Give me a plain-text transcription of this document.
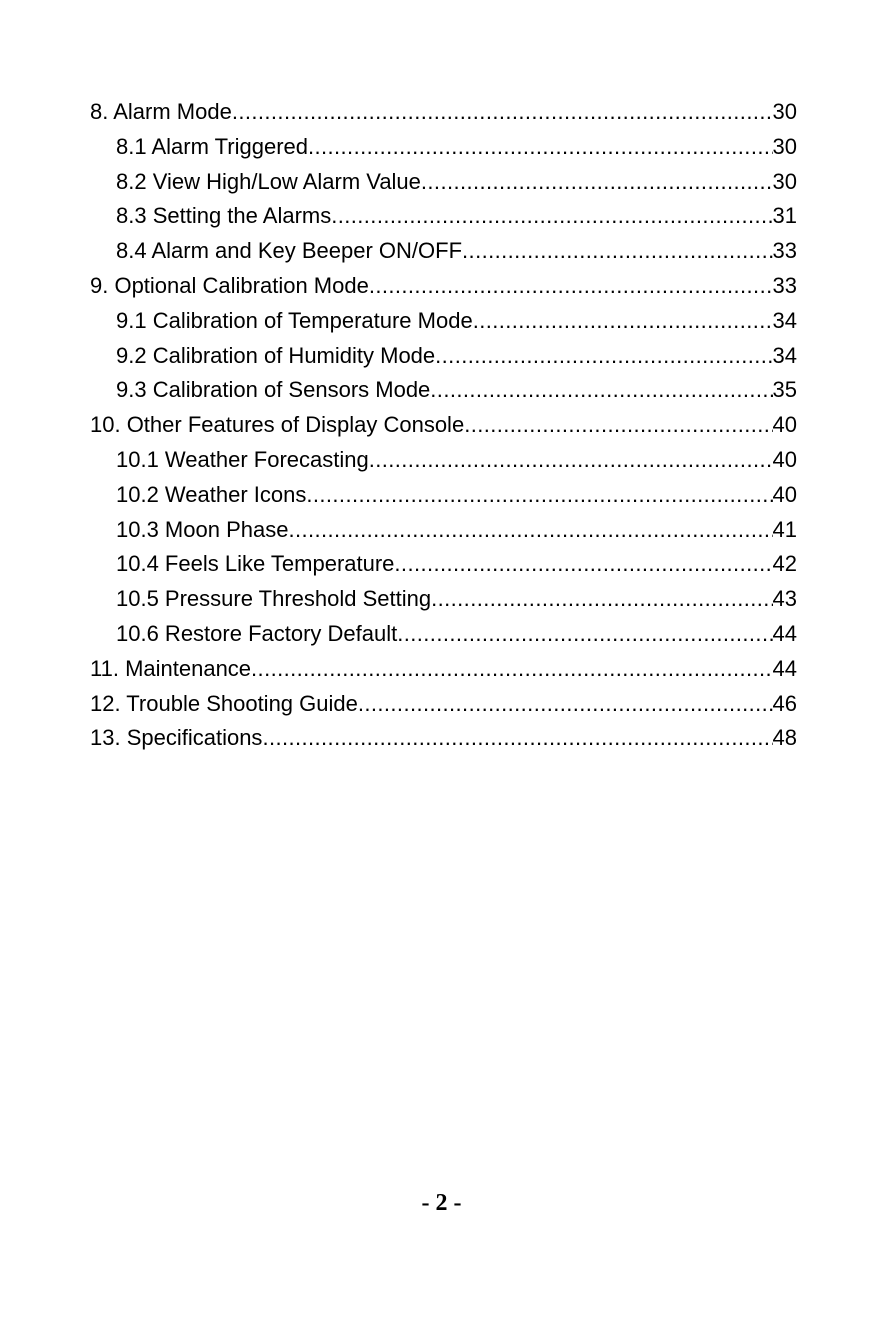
8. Alarm Mode .....	30
8.1 Alarm Triggered .....	30
8.2 View High/Low Alarm Value .....	30
8.3 Setting the Alarms .....	31
8.4 Alarm and Key Beeper ON/OFF .....	33
9. Optional Calibration Mode .....	33
9.1 Calibration of Temperature Mode .....	34
9.2 Calibration of Humidity Mode .....	34
9.3 Calibration of Sensors Mode .....	35
10. Other Features of Display Console .....	40
10.1 Weather Forecasting .....	40
10.2 Weather Icons .....	40
10.3 Moon Phase .....	41
10.4 Feels Like Temperature .....	42
10.5 Pressure Threshold Setting .....	43
10.6 Restore Factory Default .....	44
11. Maintenance .....	44
12. Trouble Shooting Guide .....	46
13. Specifications .....	48
- 2 -
